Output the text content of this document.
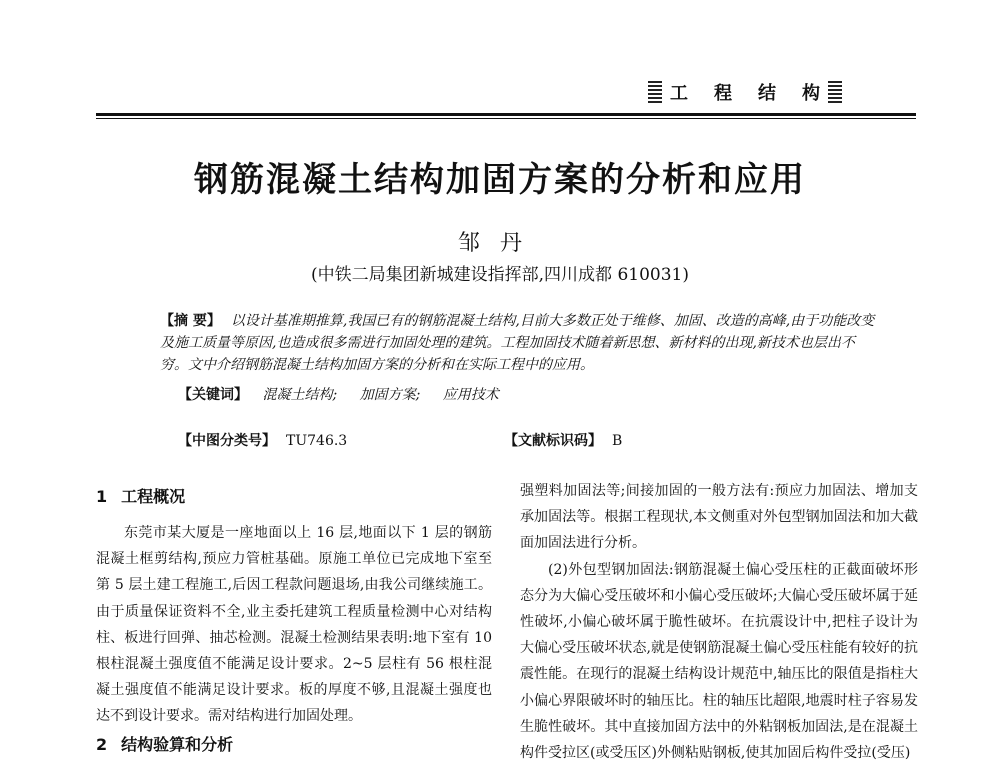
工 程 结 构
钢筋混凝土结构加固方案的分析和应用
邹丹
(中铁二局集团新城建设指挥部,四川成都 610031)
【摘 要】 以设计基准期推算,我国已有的钢筋混凝土结构,目前大多数正处于维修、加固、改造的高峰,由于功能改变及施工质量等原因,也造成很多需进行加固处理的建筑。工程加固技术随着新思想、新材料的出现,新技术也层出不穷。文中介绍钢筋混凝土结构加固方案的分析和在实际工程中的应用。
【关键词】 混凝土结构; 加固方案; 应用技术
【中图分类号】 TU746.3	【文献标识码】 B
1 工程概况

东莞市某大厦是一座地面以上 16 层,地面以下 1 层的钢筋混凝土框剪结构,预应力管桩基础。原施工单位已完成地下室至第 5 层土建工程施工,后因工程款问题退场,由我公司继续施工。由于质量保证资料不全,业主委托建筑工程质量检测中心对结构柱、板进行回弹、抽芯检测。混凝土检测结果表明:地下室有 10 根柱混凝土强度值不能满足设计要求。2~5 层柱有 56 根柱混凝土强度值不能满足设计要求。板的厚度不够,且混凝土强度也达不到设计要求。需对结构进行加固处理。

2 结构验算和分析

强塑料加固法等;间接加固的一般方法有:预应力加固法、增加支承加固法等。根据工程现状,本文侧重对外包型钢加固法和加大截面加固法进行分析。

(2)外包型钢加固法:钢筋混凝土偏心受压柱的正截面破坏形态分为大偏心受压破坏和小偏心受压破坏;大偏心受压破坏属于延性破坏,小偏心破坏属于脆性破坏。在抗震设计中,把柱子设计为大偏心受压破坏状态,就是使钢筋混凝土偏心受压柱能有较好的抗震性能。在现行的混凝土结构设计规范中,轴压比的限值是指柱大小偏心界限破坏时的轴压比。柱的轴压比超限,地震时柱子容易发生脆性破坏。其中直接加固方法中的外粘钢板加固法,是在混凝土构件受拉区(或受压区)外侧粘贴钢板,使其加固后构件受拉(受压)
